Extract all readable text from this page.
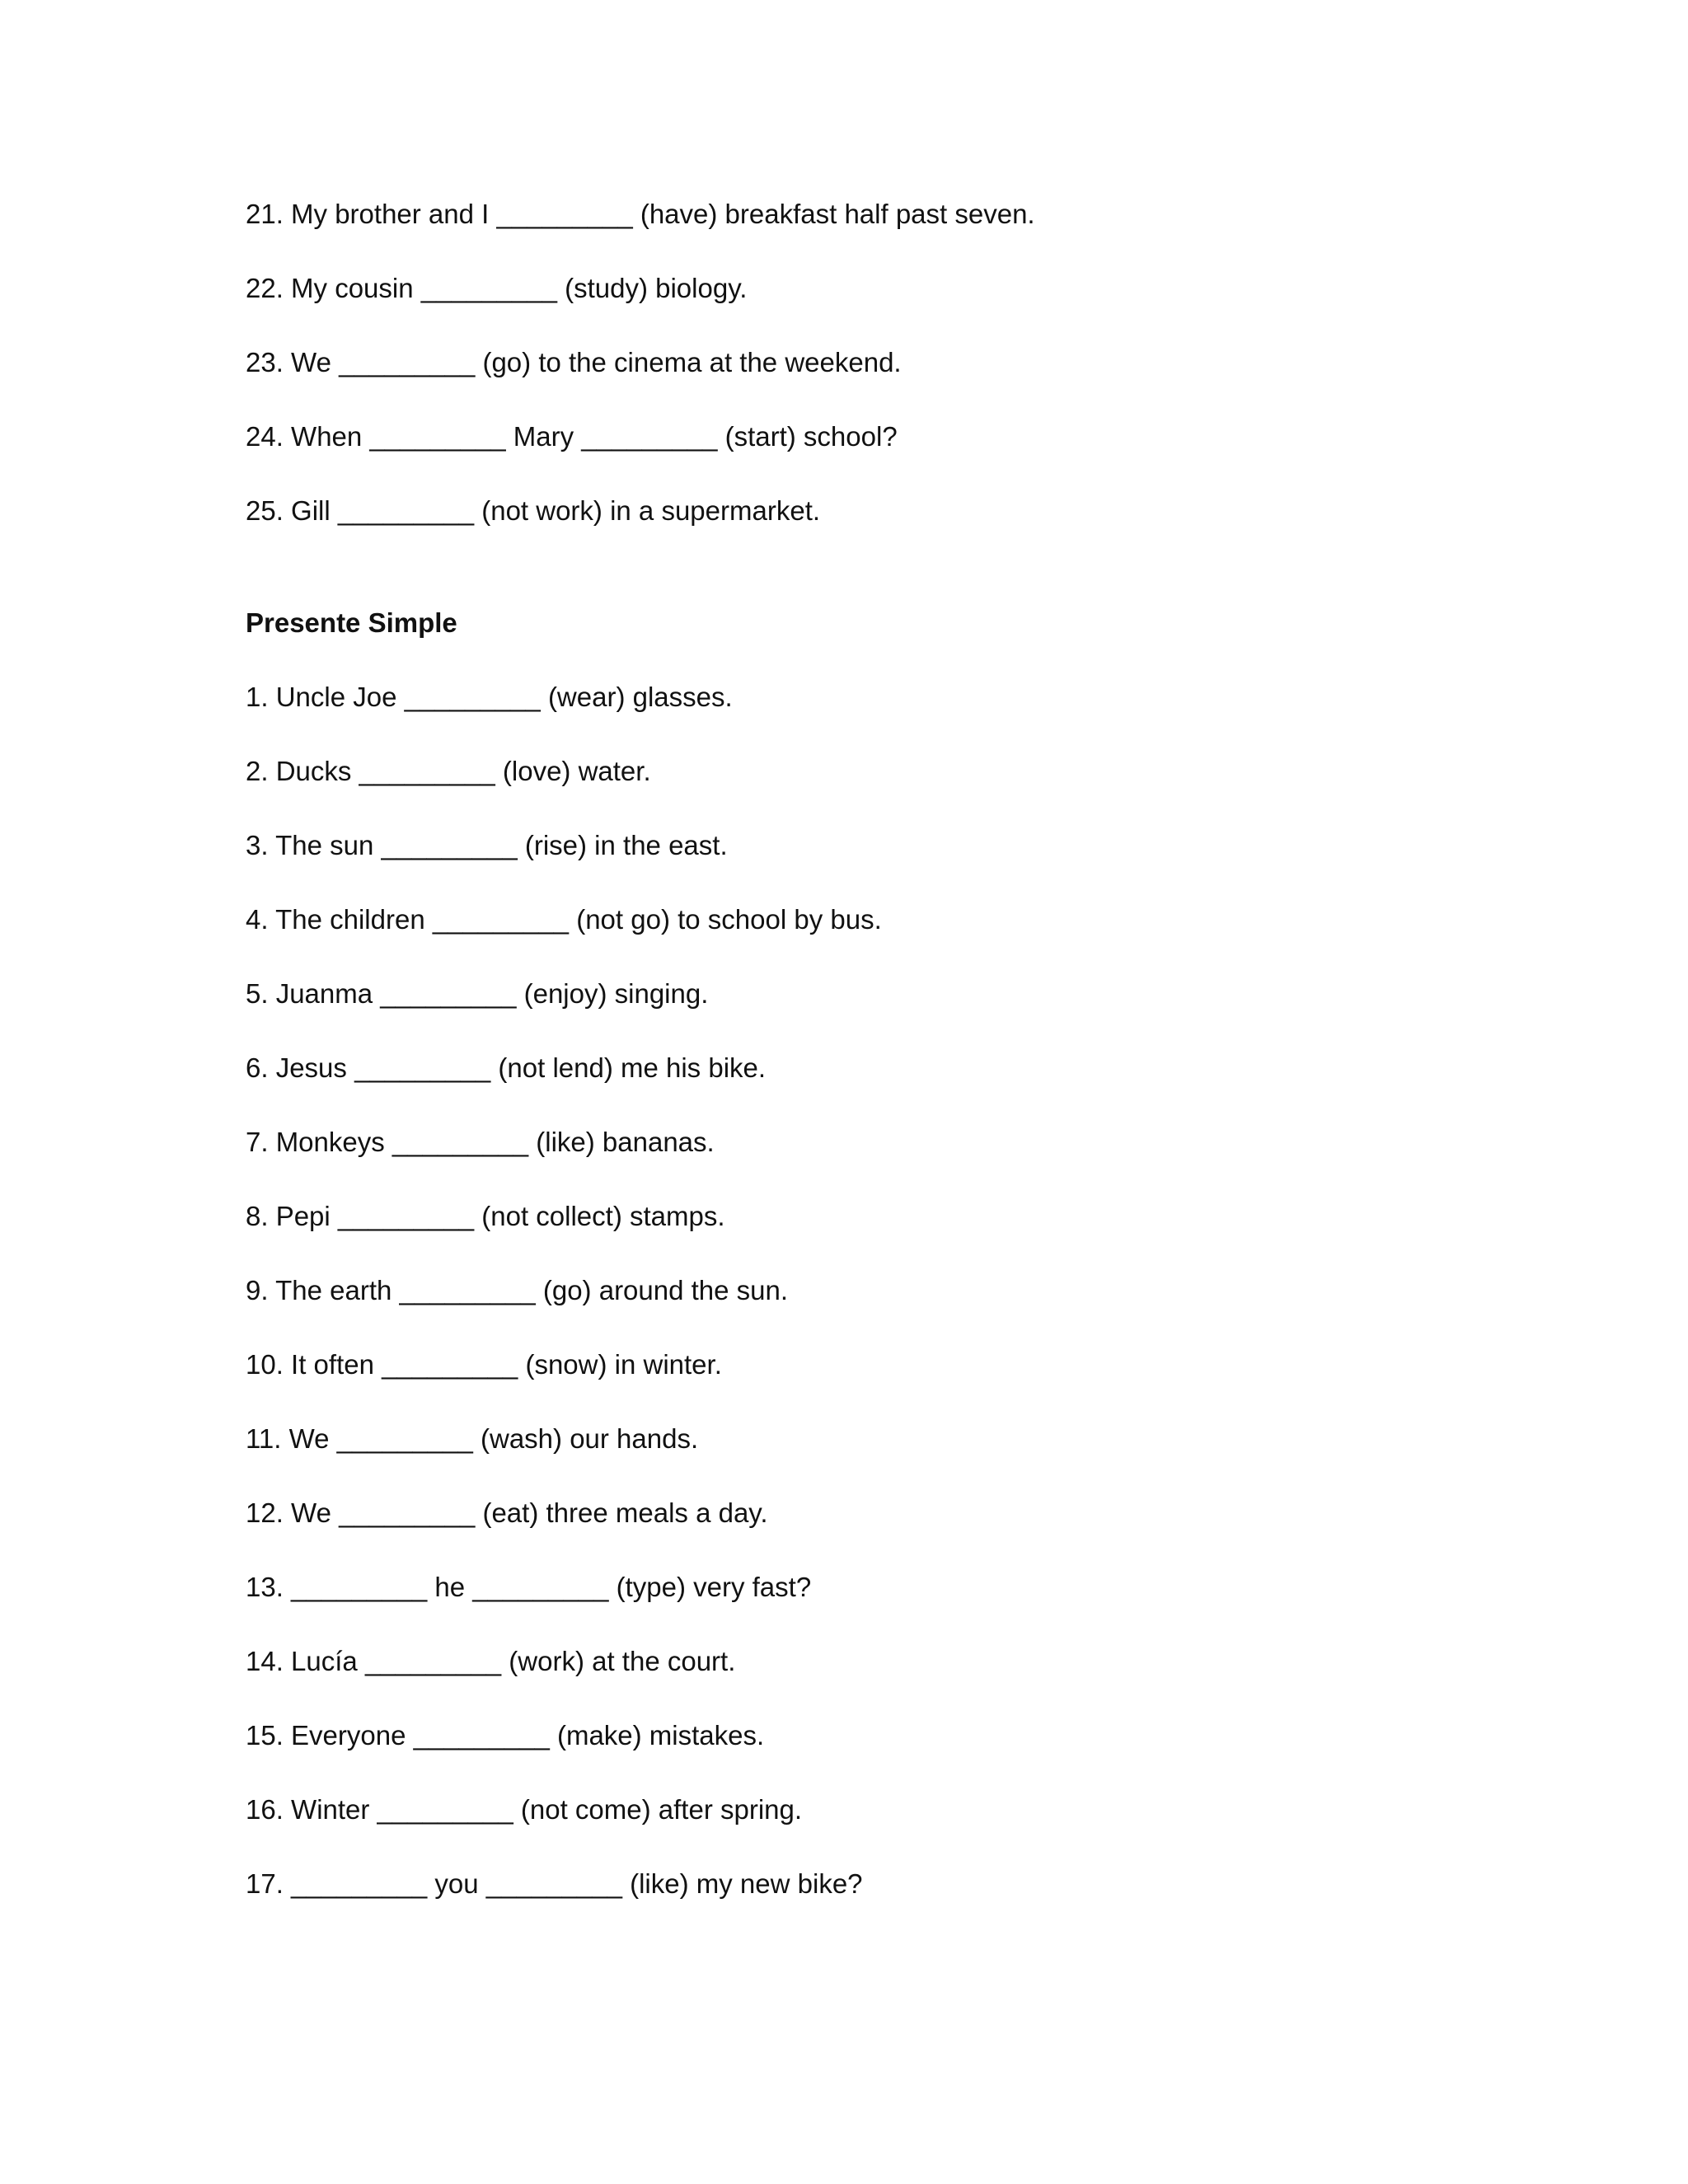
21. My brother and I _________ (have) breakfast half past seven.
22. My cousin _________ (study) biology.
23. We _________ (go) to the cinema at the weekend.
24. When _________ Mary _________ (start) school?
25. Gill _________ (not work) in a supermarket.
Presente Simple
1. Uncle Joe _________ (wear) glasses.
2. Ducks _________ (love) water.
3. The sun _________ (rise) in the east.
4. The children _________ (not go) to school by bus.
5. Juanma _________ (enjoy) singing.
6. Jesus _________ (not lend) me his bike.
7. Monkeys _________ (like) bananas.
8. Pepi _________ (not collect) stamps.
9. The earth _________ (go) around the sun.
10. It often _________ (snow) in winter.
11. We _________ (wash) our hands.
12. We _________ (eat) three meals a day.
13. _________ he _________ (type) very fast?
14. Lucía _________ (work) at the court.
15. Everyone _________ (make) mistakes.
16. Winter _________ (not come) after spring.
17. _________ you _________ (like) my new bike?
